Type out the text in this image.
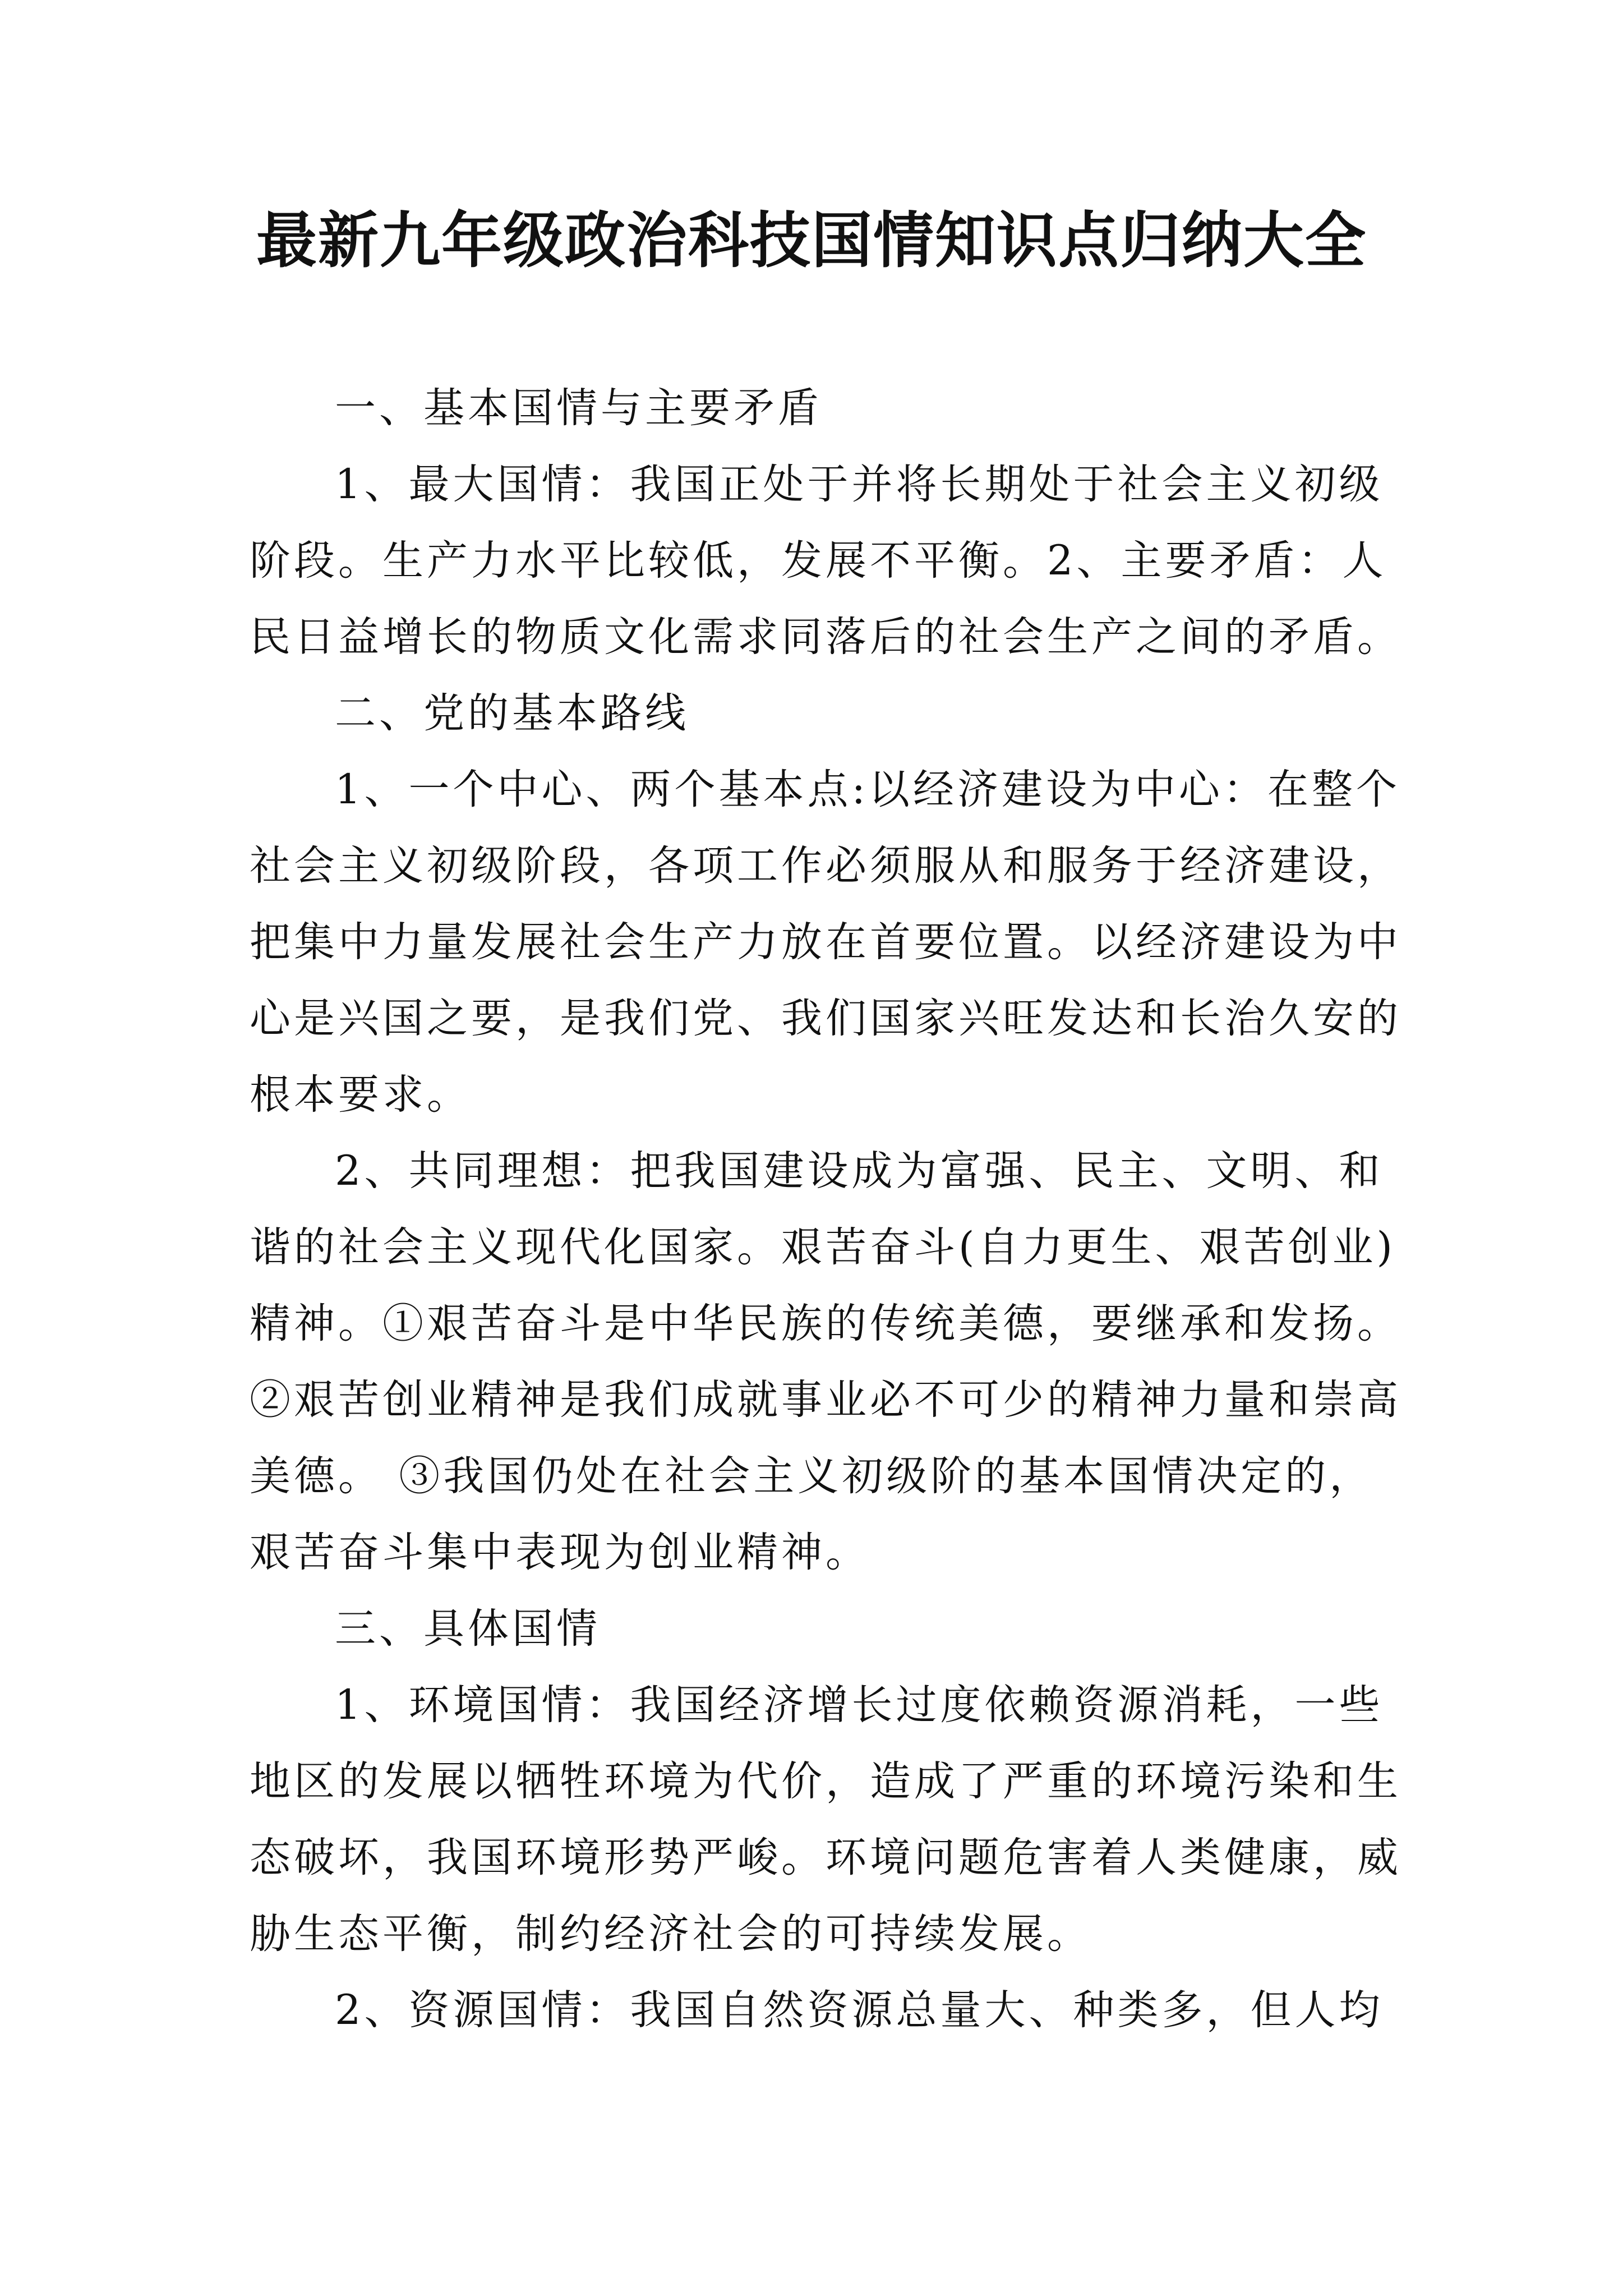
最新九年级政治科技国情知识点归纳大全

一、基本国情与主要矛盾

1、最大国情：我国正处于并将长期处于社会主义初级阶段。生产力水平比较低，发展不平衡。2、主要矛盾：人民日益增长的物质文化需求同落后的社会生产之间的矛盾。

二、党的基本路线

1、一个中心、两个基本点:以经济建设为中心：在整个社会主义初级阶段，各项工作必须服从和服务于经济建设，把集中力量发展社会生产力放在首要位置。以经济建设为中心是兴国之要，是我们党、我们国家兴旺发达和长治久安的根本要求。

2、共同理想：把我国建设成为富强、民主、文明、和谐的社会主义现代化国家。艰苦奋斗(自力更生、艰苦创业)精神。①艰苦奋斗是中华民族的传统美德，要继承和发扬。②艰苦创业精神是我们成就事业必不可少的精神力量和崇高美德。 ③我国仍处在社会主义初级阶的基本国情决定的，艰苦奋斗集中表现为创业精神。

三、具体国情

1、环境国情：我国经济增长过度依赖资源消耗，一些地区的发展以牺牲环境为代价，造成了严重的环境污染和生态破坏，我国环境形势严峻。环境问题危害着人类健康，威胁生态平衡，制约经济社会的可持续发展。

2、资源国情：我国自然资源总量大、种类多，但人均
